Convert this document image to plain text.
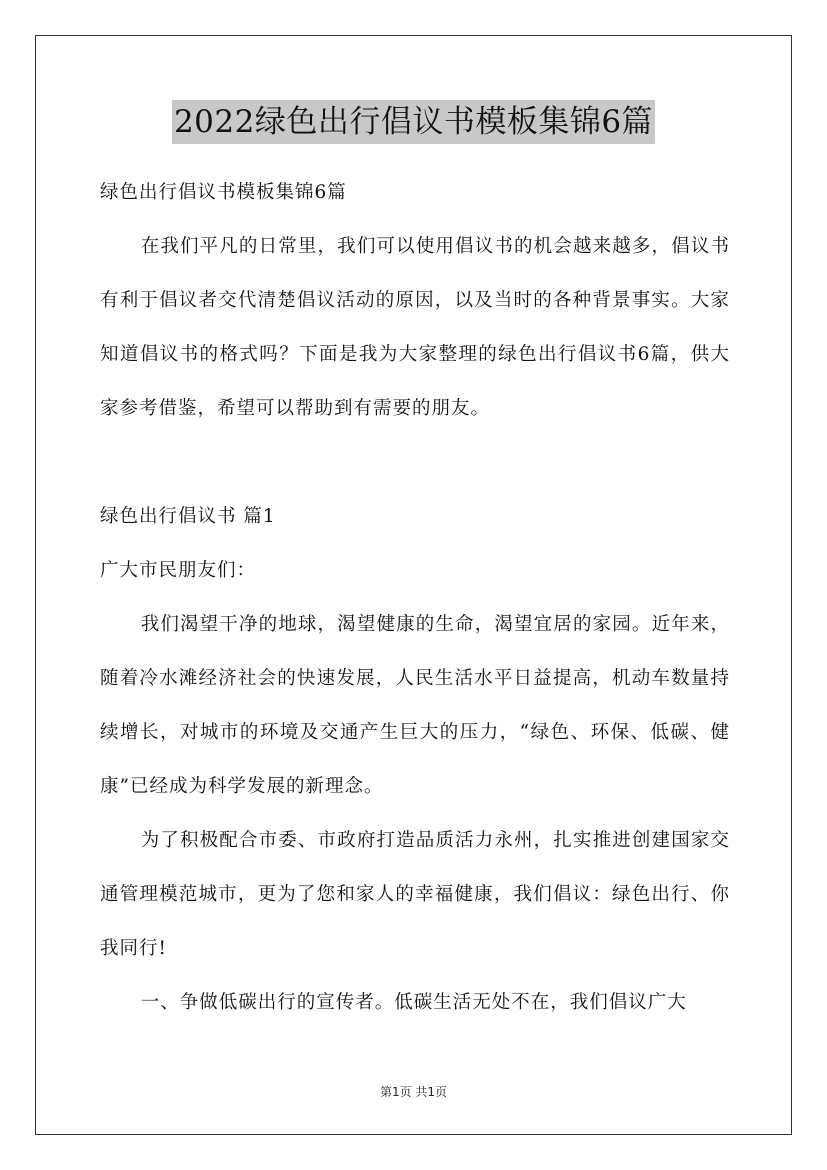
2022绿色出行倡议书模板集锦6篇

绿色出行倡议书模板集锦6篇

在我们平凡的日常里，我们可以使用倡议书的机会越来越多，倡议书有利于倡议者交代清楚倡议活动的原因，以及当时的各种背景事实。大家知道倡议书的格式吗？下面是我为大家整理的绿色出行倡议书6篇，供大家参考借鉴，希望可以帮助到有需要的朋友。

绿色出行倡议书 篇1

广大市民朋友们：

我们渴望干净的地球，渴望健康的生命，渴望宜居的家园。近年来，随着冷水滩经济社会的快速发展，人民生活水平日益提高，机动车数量持续增长，对城市的环境及交通产生巨大的压力，“绿色、环保、低碳、健康”已经成为科学发展的新理念。

为了积极配合市委、市政府打造品质活力永州，扎实推进创建国家交通管理模范城市，更为了您和家人的幸福健康，我们倡议：绿色出行、你我同行!

一、争做低碳出行的宣传者。低碳生活无处不在，我们倡议广大

第1页 共1页
